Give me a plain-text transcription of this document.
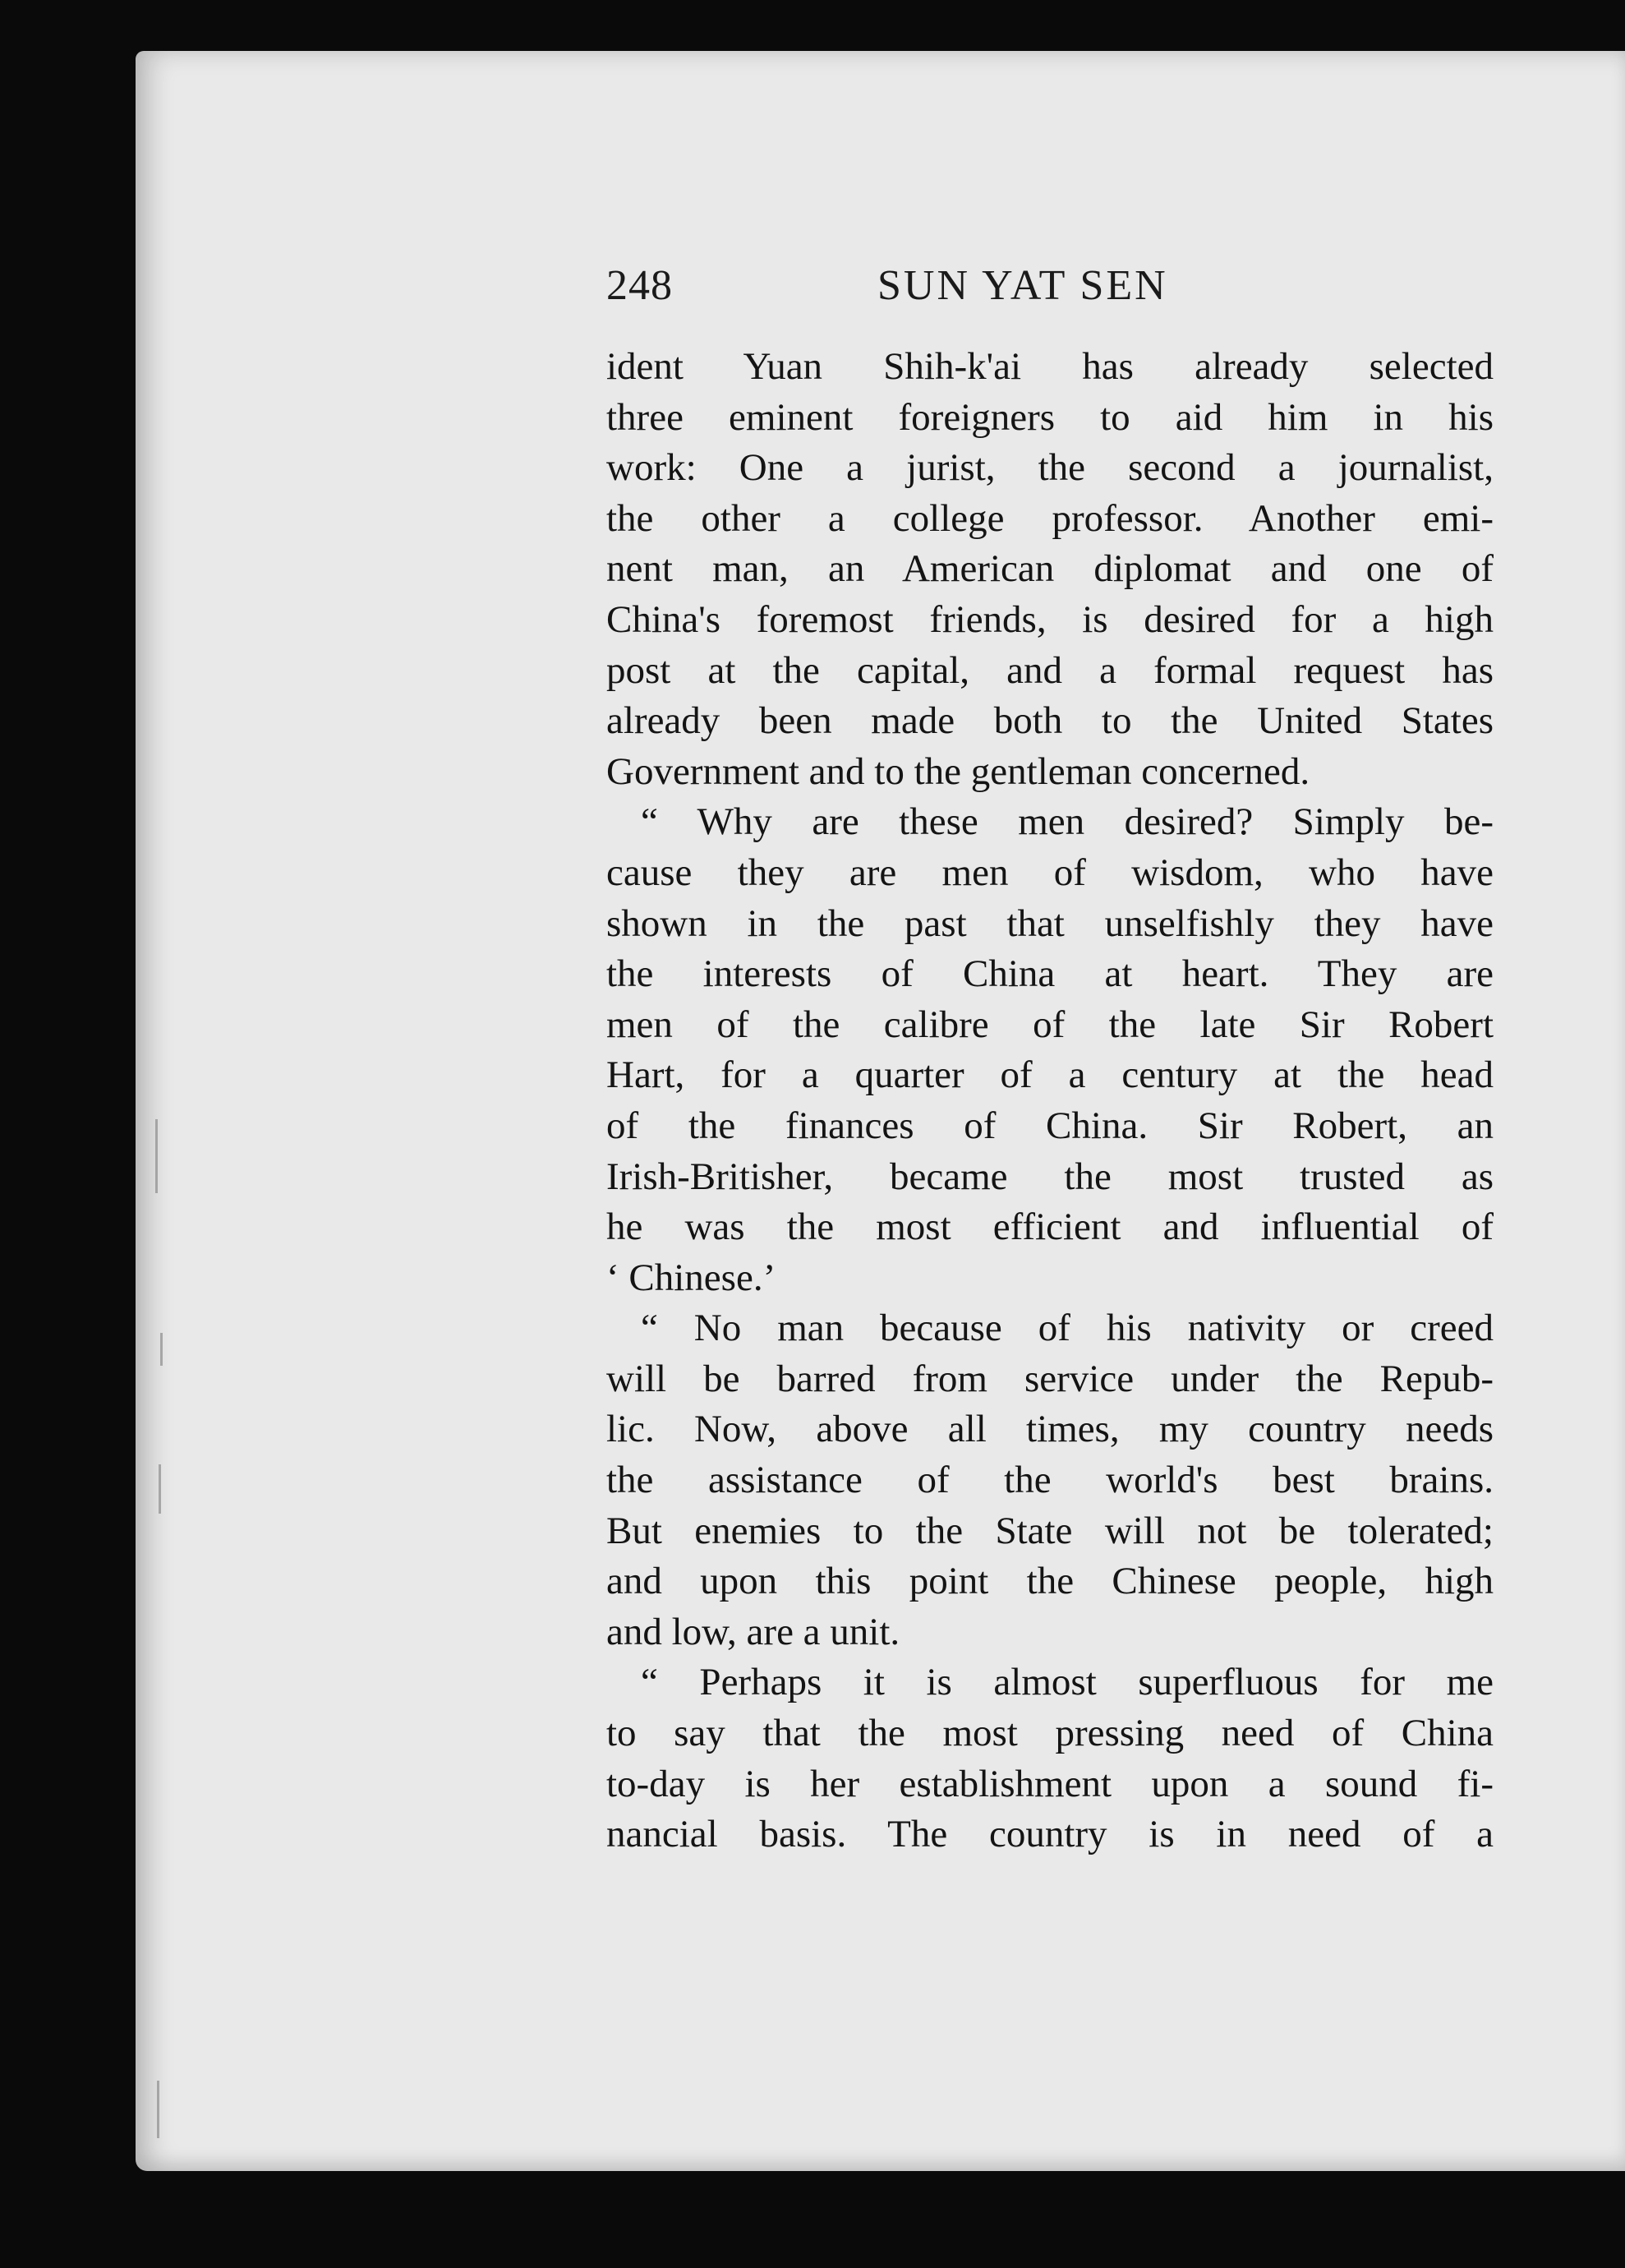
248	SUN YAT SEN
ident Yuan Shih-k'ai has already selected
three eminent foreigners to aid him in his
work: One a jurist, the second a journalist,
the other a college professor. Another emi-
nent man, an American diplomat and one of
China's foremost friends, is desired for a high
post at the capital, and a formal request has
already been made both to the United States
Government and to the gentleman concerned.
“ Why are these men desired? Simply be-
cause they are men of wisdom, who have
shown in the past that unselfishly they have
the interests of China at heart. They are
men of the calibre of the late Sir Robert
Hart, for a quarter of a century at the head
of the finances of China. Sir Robert, an
Irish-Britisher, became the most trusted as
he was the most efficient and influential of
‘ Chinese.’
“ No man because of his nativity or creed
will be barred from service under the Repub-
lic. Now, above all times, my country needs
the assistance of the world's best brains.
But enemies to the State will not be tolerated;
and upon this point the Chinese people, high
and low, are a unit.
“ Perhaps it is almost superfluous for me
to say that the most pressing need of China
to-day is her establishment upon a sound fi-
nancial basis. The country is in need of a
